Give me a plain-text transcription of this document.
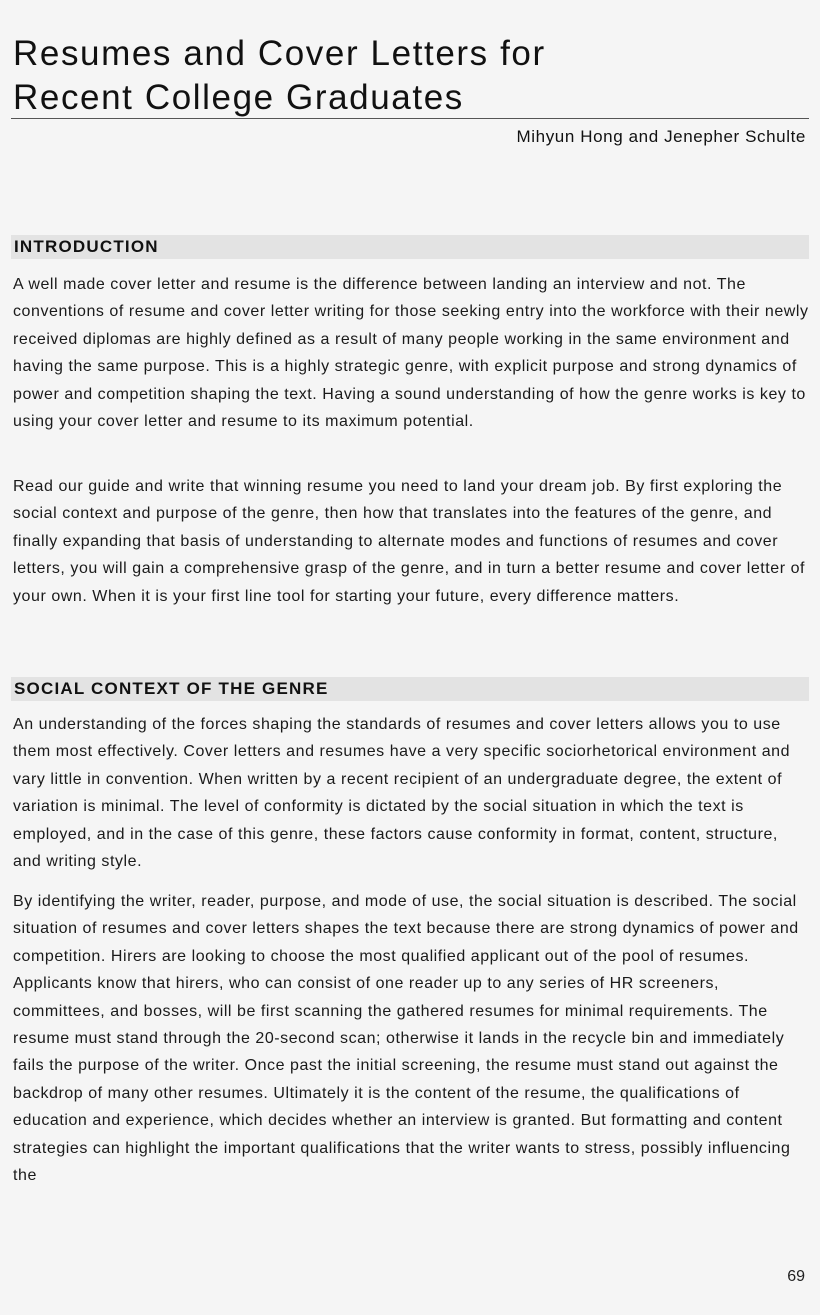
Resumes and Cover Letters for
Recent College Graduates
Mihyun Hong and Jenepher Schulte
INTRODUCTION

A well made cover letter and resume is the difference between landing an interview and not. The conventions of resume and cover letter writing for those seeking entry into the workforce with their newly received diplomas are highly defined as a result of many people working in the same environment and having the same purpose. This is a highly strategic genre, with explicit purpose and strong dynamics of power and competition shaping the text. Having a sound understanding of how the genre works is key to using your cover letter and resume to its maximum potential.

Read our guide and write that winning resume you need to land your dream job. By first exploring the social context and purpose of the genre, then how that translates into the features of the genre, and finally expanding that basis of understanding to alternate modes and functions of resumes and cover letters, you will gain a comprehensive grasp of the genre, and in turn a better resume and cover letter of your own. When it is your first line tool for starting your future, every difference matters.

SOCIAL CONTEXT OF THE GENRE

An understanding of the forces shaping the standards of resumes and cover letters allows you to use them most effectively. Cover letters and resumes have a very specific sociorhetorical environment and vary little in convention. When written by a recent recipient of an undergraduate degree, the extent of variation is minimal. The level of conformity is dictated by the social situation in which the text is employed, and in the case of this genre, these factors cause conformity in format, content, structure, and writing style.

By identifying the writer, reader, purpose, and mode of use, the social situation is described. The social situation of resumes and cover letters shapes the text because there are strong dynamics of power and competition. Hirers are looking to choose the most qualified applicant out of the pool of resumes. Applicants know that hirers, who can consist of one reader up to any series of HR screeners, committees, and bosses, will be first scanning the gathered resumes for minimal requirements. The resume must stand through the 20-second scan; otherwise it lands in the recycle bin and immediately fails the purpose of the writer. Once past the initial screening, the resume must stand out against the backdrop of many other resumes. Ultimately it is the content of the resume, the qualifications of education and experience, which decides whether an interview is granted. But formatting and content strategies can highlight the important qualifications that the writer wants to stress, possibly influencing the

69
